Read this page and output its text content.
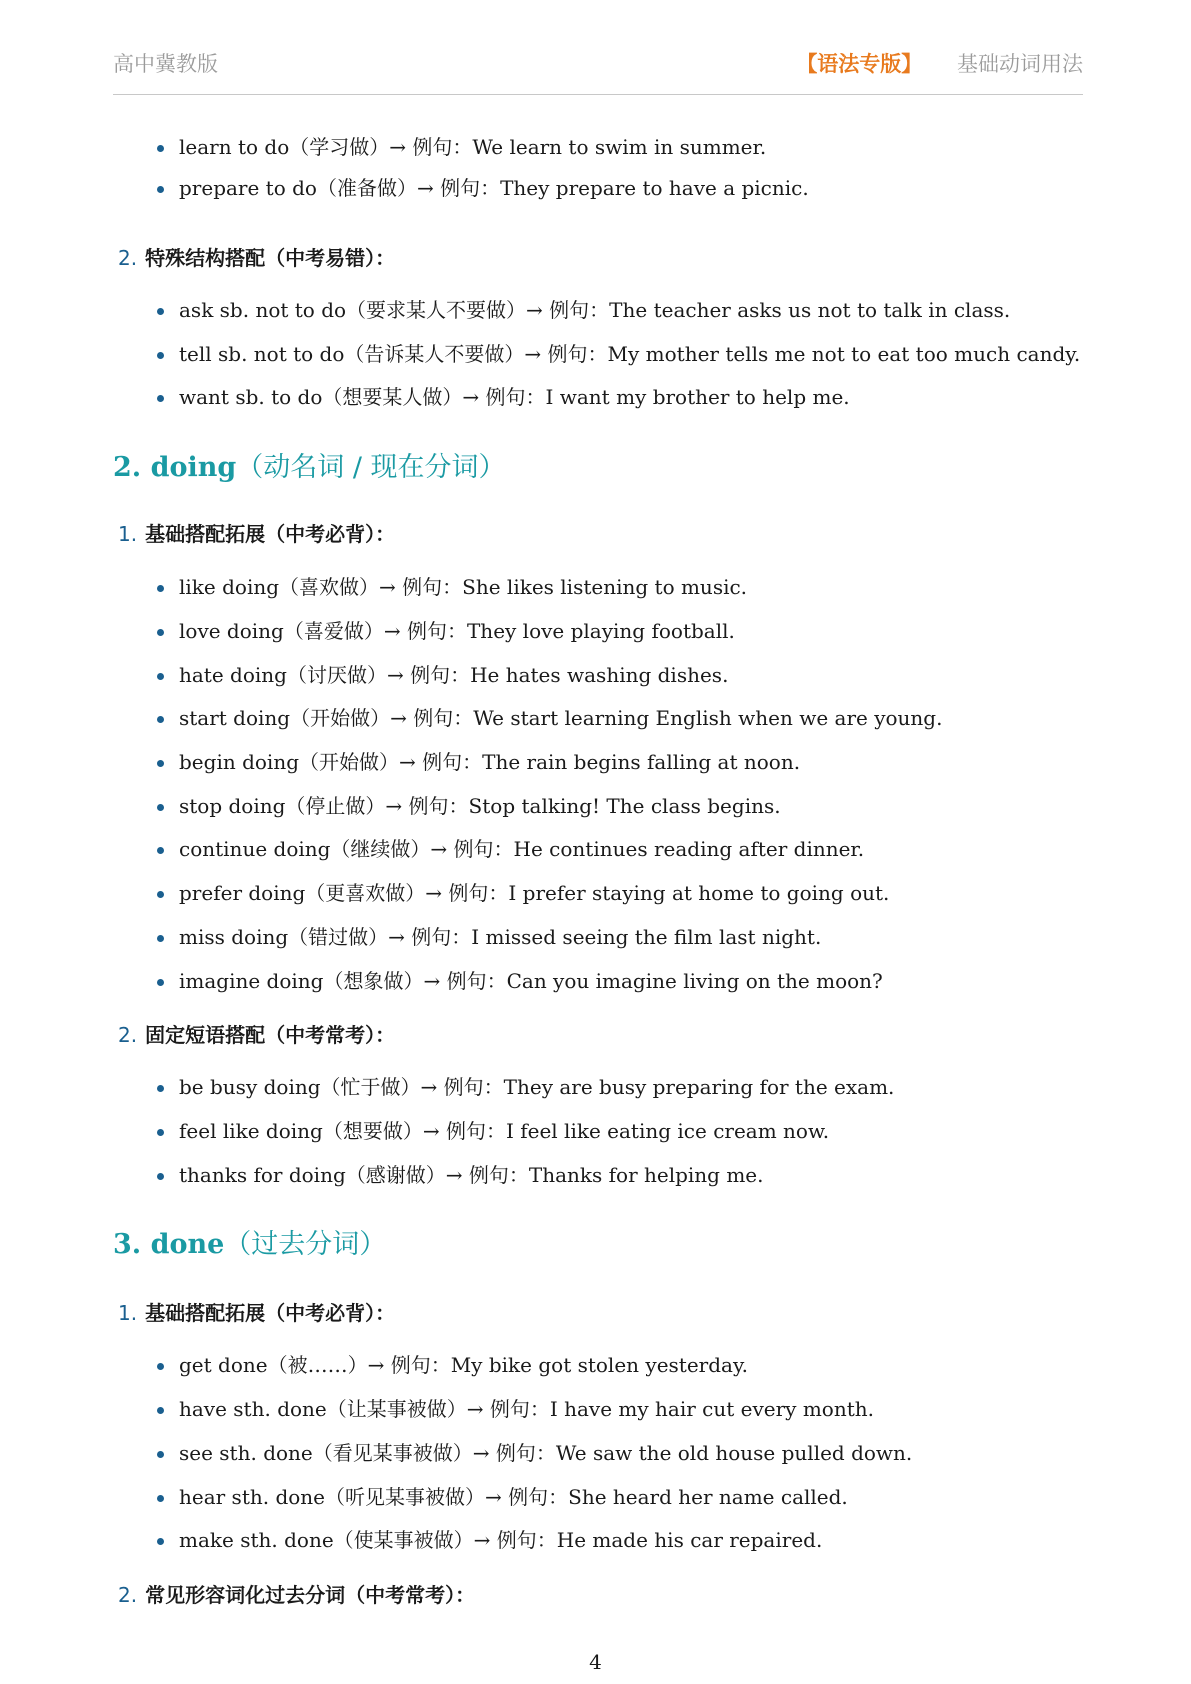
高中冀教版	【语法专版】 基础动词用法
learn to do（学习做）→ 例句：We learn to swim in summer.
prepare to do（准备做）→ 例句：They prepare to have a picnic.
2. 特殊结构搭配（中考易错）：
ask sb. not to do（要求某人不要做）→ 例句：The teacher asks us not to talk in class.
tell sb. not to do（告诉某人不要做）→ 例句：My mother tells me not to eat too much candy.
want sb. to do（想要某人做）→ 例句：I want my brother to help me.
2. doing（动名词 / 现在分词）
1. 基础搭配拓展（中考必背）：
like doing（喜欢做）→ 例句：She likes listening to music.
love doing（喜爱做）→ 例句：They love playing football.
hate doing（讨厌做）→ 例句：He hates washing dishes.
start doing（开始做）→ 例句：We start learning English when we are young.
begin doing（开始做）→ 例句：The rain begins falling at noon.
stop doing（停止做）→ 例句：Stop talking! The class begins.
continue doing（继续做）→ 例句：He continues reading after dinner.
prefer doing（更喜欢做）→ 例句：I prefer staying at home to going out.
miss doing（错过做）→ 例句：I missed seeing the film last night.
imagine doing（想象做）→ 例句：Can you imagine living on the moon?
2. 固定短语搭配（中考常考）：
be busy doing（忙于做）→ 例句：They are busy preparing for the exam.
feel like doing（想要做）→ 例句：I feel like eating ice cream now.
thanks for doing（感谢做）→ 例句：Thanks for helping me.
3. done（过去分词）
1. 基础搭配拓展（中考必背）：
get done（被……）→ 例句：My bike got stolen yesterday.
have sth. done（让某事被做）→ 例句：I have my hair cut every month.
see sth. done（看见某事被做）→ 例句：We saw the old house pulled down.
hear sth. done（听见某事被做）→ 例句：She heard her name called.
make sth. done（使某事被做）→ 例句：He made his car repaired.
2. 常见形容词化过去分词（中考常考）：
4
